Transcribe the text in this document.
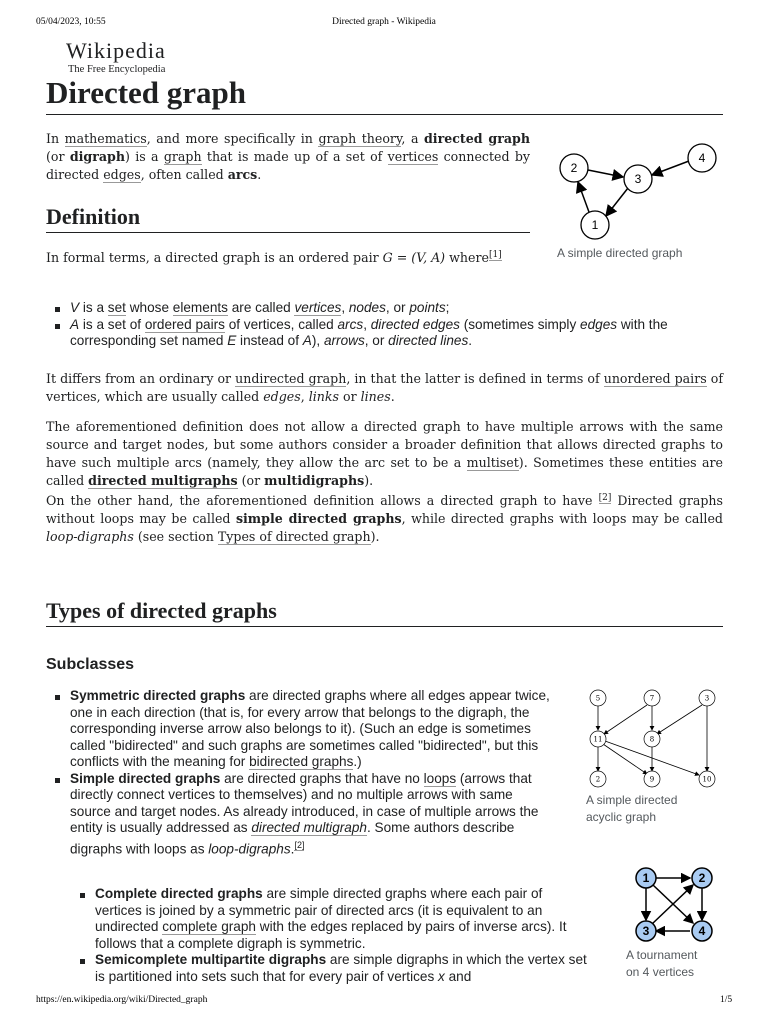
05/04/2023, 10:55	Directed graph - Wikipedia
Wikipedia
The Free Encyclopedia
Directed graph
In mathematics, and more specifically in graph theory, a directed graph (or digraph) is a graph that is made up of a set of vertices connected by directed edges, often called arcs.
1
2
3
4
A simple directed graph
Definition
In formal terms, a directed graph is an ordered pair G = (V, A) where[1]
V is a set whose elements are called vertices, nodes, or points;
A is a set of ordered pairs of vertices, called arcs, directed edges (sometimes simply edges with the corresponding set named E instead of A), arrows, or directed lines.
It differs from an ordinary or undirected graph, in that the latter is defined in terms of unordered pairs of vertices, which are usually called edges, links or lines.
The aforementioned definition does not allow a directed graph to have multiple arrows with the same source and target nodes, but some authors consider a broader definition that allows directed graphs to have such multiple arcs (namely, they allow the arc set to be a multiset). Sometimes these entities are called directed multigraphs (or multidigraphs).
On the other hand, the aforementioned definition allows a directed graph to have [2] Directed graphs without loops may be called simple directed graphs, while directed graphs with loops may be called loop-digraphs (see section Types of directed graph).
Types of directed graphs
Subclasses
Symmetric directed graphs are directed graphs where all edges appear twice, one in each direction (that is, for every arrow that belongs to the digraph, the corresponding inverse arrow also belongs to it). (Such an edge is sometimes called "bidirected" and such graphs are sometimes called "bidirected", but this conflicts with the meaning for bidirected graphs.)
Simple directed graphs are directed graphs that have no loops (arrows that directly connect vertices to themselves) and no multiple arrows with same source and target nodes. As already introduced, in case of multiple arrows the entity is usually addressed as directed multigraph. Some authors describe digraphs with loops as loop-digraphs.[2]
Complete directed graphs are simple directed graphs where each pair of vertices is joined by a symmetric pair of directed arcs (it is equivalent to an undirected complete graph with the edges replaced by pairs of inverse arcs). It follows that a complete digraph is symmetric.
Semicomplete multipartite digraphs are simple digraphs in which the vertex set is partitioned into sets such that for every pair of vertices x and
5	7	3
11	8
2	9	10
A simple directed
acyclic graph
1	2
3	4
A tournament
on 4 vertices
https://en.wikipedia.org/wiki/Directed_graph	1/5
